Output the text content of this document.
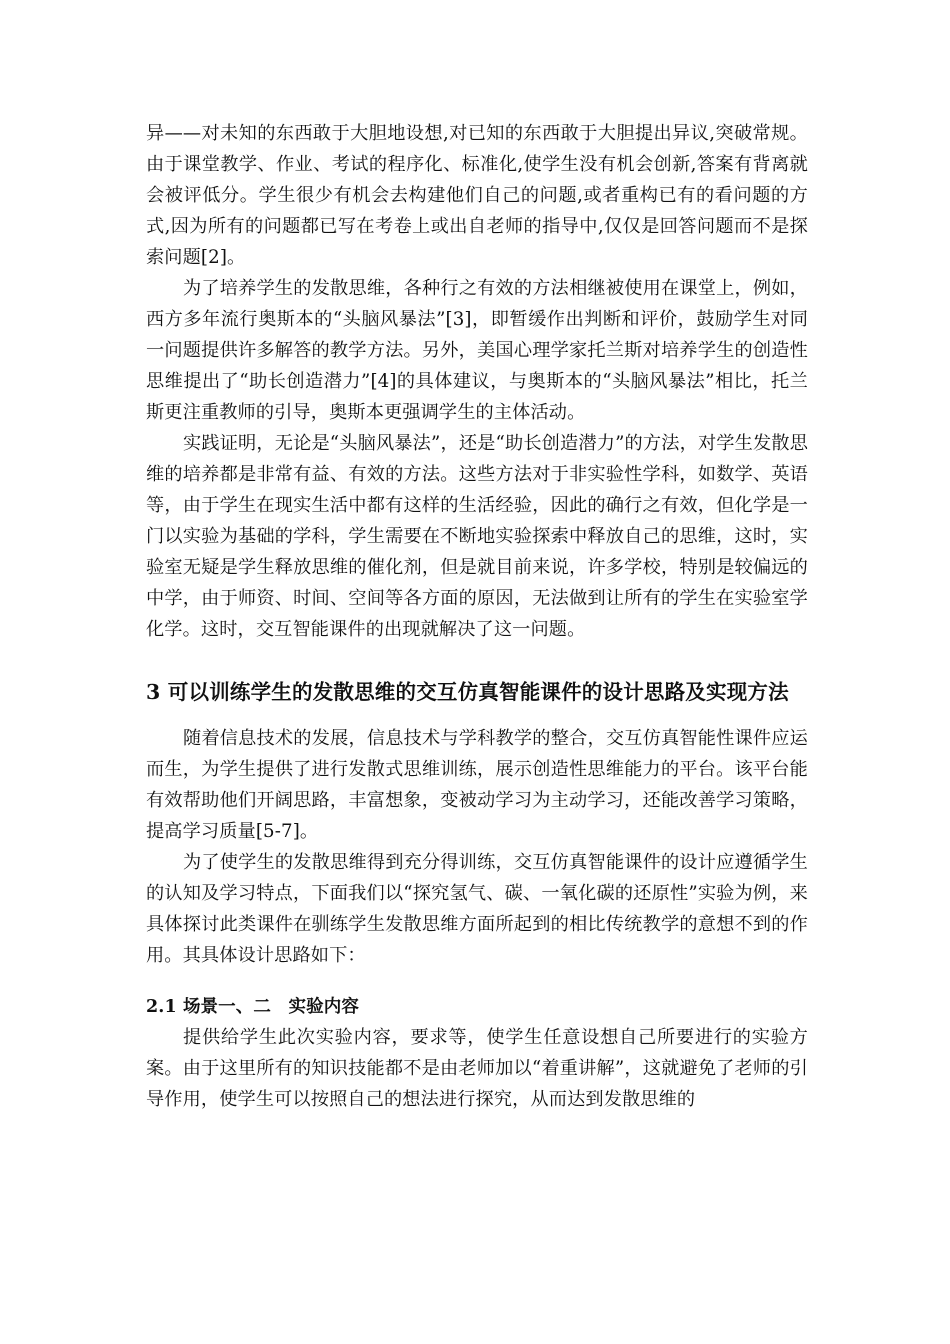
异——对未知的东西敢于大胆地设想,对已知的东西敢于大胆提出异议,突破常规。由于课堂教学、作业、考试的程序化、标准化,使学生没有机会创新,答案有背离就会被评低分。学生很少有机会去构建他们自己的问题,或者重构已有的看问题的方式,因为所有的问题都已写在考卷上或出自老师的指导中,仅仅是回答问题而不是探索问题[2]。

为了培养学生的发散思维，各种行之有效的方法相继被使用在课堂上，例如，西方多年流行奥斯本的“头脑风暴法”[3]，即暂缓作出判断和评价，鼓励学生对同一问题提供许多解答的教学方法。另外，美国心理学家托兰斯对培养学生的创造性思维提出了“助长创造潜力”[4]的具体建议，与奥斯本的“头脑风暴法”相比，托兰斯更注重教师的引导，奥斯本更强调学生的主体活动。

实践证明，无论是“头脑风暴法”，还是“助长创造潜力”的方法，对学生发散思维的培养都是非常有益、有效的方法。这些方法对于非实验性学科，如数学、英语等，由于学生在现实生活中都有这样的生活经验，因此的确行之有效，但化学是一门以实验为基础的学科，学生需要在不断地实验探索中释放自己的思维，这时，实验室无疑是学生释放思维的催化剂，但是就目前来说，许多学校，特别是较偏远的中学，由于师资、时间、空间等各方面的原因，无法做到让所有的学生在实验室学化学。这时，交互智能课件的出现就解决了这一问题。

3 可以训练学生的发散思维的交互仿真智能课件的设计思路及实现方法

随着信息技术的发展，信息技术与学科教学的整合，交互仿真智能性课件应运而生，为学生提供了进行发散式思维训练，展示创造性思维能力的平台。该平台能有效帮助他们开阔思路，丰富想象，变被动学习为主动学习，还能改善学习策略，提高学习质量[5-7]。

为了使学生的发散思维得到充分得训练，交互仿真智能课件的设计应遵循学生的认知及学习特点，下面我们以“探究氢气、碳、一氧化碳的还原性”实验为例，来具体探讨此类课件在驯练学生发散思维方面所起到的相比传统教学的意想不到的作用。其具体设计思路如下：

2.1 场景一、二　实验内容

提供给学生此次实验内容，要求等，使学生任意设想自己所要进行的实验方案。由于这里所有的知识技能都不是由老师加以“着重讲解”，这就避免了老师的引导作用，使学生可以按照自己的想法进行探究，从而达到发散思维的
